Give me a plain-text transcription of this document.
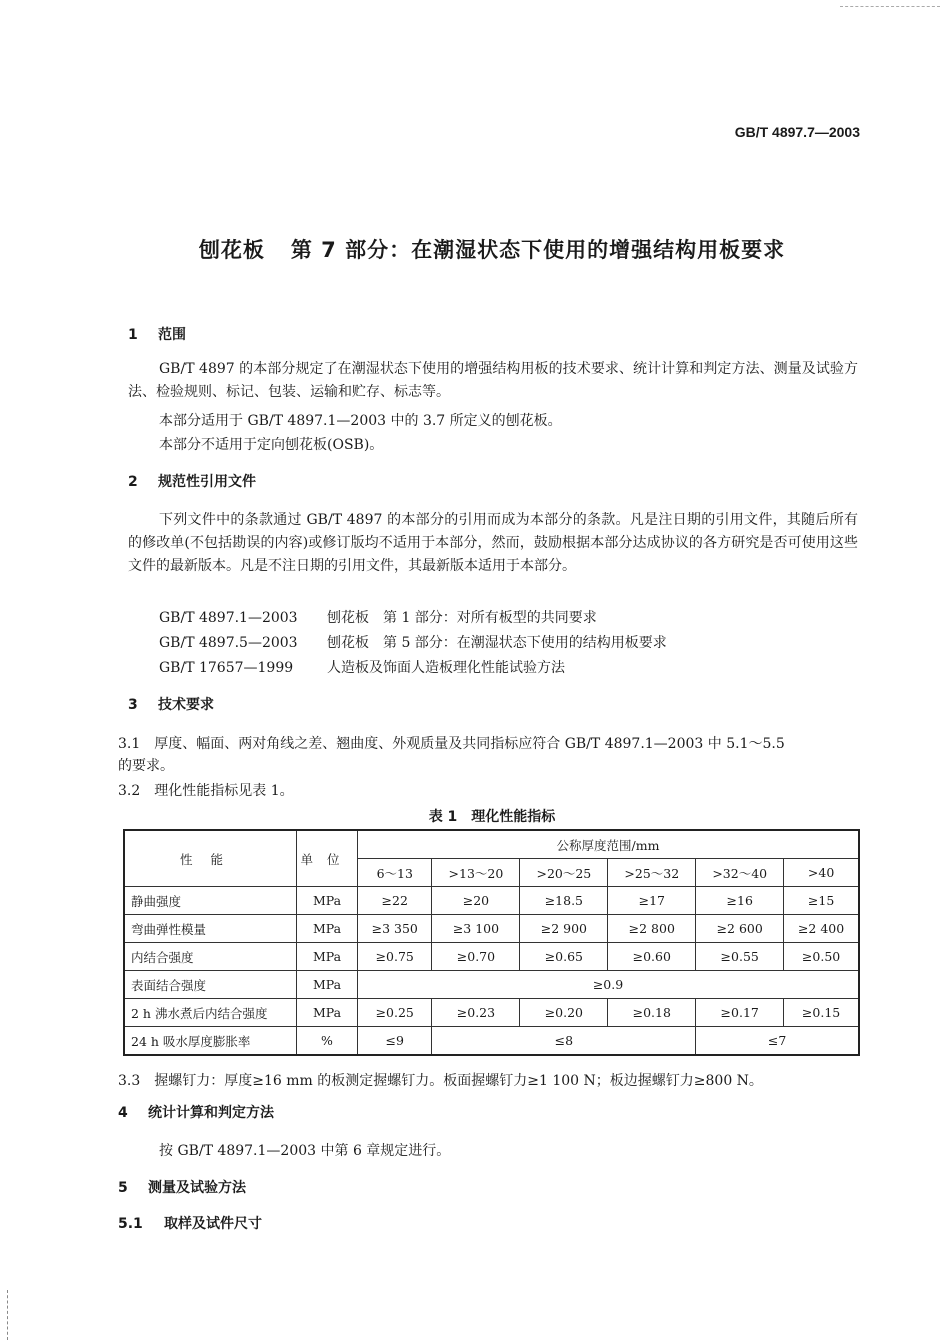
GB/T 4897.7—2003
刨花板 第 7 部分：在潮湿状态下使用的增强结构用板要求
1 范围
GB/T 4897 的本部分规定了在潮湿状态下使用的增强结构用板的技术要求、统计计算和判定方法、测量及试验方法、检验规则、标记、包装、运输和贮存、标志等。
本部分适用于 GB/T 4897.1—2003 中的 3.7 所定义的刨花板。
本部分不适用于定向刨花板(OSB)。
2 规范性引用文件
下列文件中的条款通过 GB/T 4897 的本部分的引用而成为本部分的条款。凡是注日期的引用文件，其随后所有的修改单(不包括勘误的内容)或修订版均不适用于本部分，然而，鼓励根据本部分达成协议的各方研究是否可使用这些文件的最新版本。凡是不注日期的引用文件，其最新版本适用于本部分。
GB/T 4897.1—2003 刨花板　第 1 部分：对所有板型的共同要求
GB/T 4897.5—2003 刨花板　第 5 部分：在潮湿状态下使用的结构用板要求
GB/T 17657—1999 人造板及饰面人造板理化性能试验方法
3 技术要求
3.1　 厚度、幅面、两对角线之差、翘曲度、外观质量及共同指标应符合 GB/T 4897.1—2003 中 5.1～5.5
的要求。
3.2　 理化性能指标见表 1。
表 1　理化性能指标
性能	单位	公称厚度范围/mm					
		6～13	>13～20	>20～25	>25～32	>32～40	>40
静曲强度	MPa	≥22	≥20	≥18.5	≥17	≥16	≥15
弯曲弹性模量	MPa	≥3 350	≥3 100	≥2 900	≥2 800	≥2 600	≥2 400
内结合强度	MPa	≥0.75	≥0.70	≥0.65	≥0.60	≥0.55	≥0.50
表面结合强度	MPa	≥0.9					
2 h 沸水煮后内结合强度	MPa	≥0.25	≥0.23	≥0.20	≥0.18	≥0.17	≥0.15
24 h 吸水厚度膨胀率	%	≤9	≤8			≤7	
3.3　 握螺钉力：厚度≥16 mm 的板测定握螺钉力。板面握螺钉力≥1 100 N；板边握螺钉力≥800 N。
4 统计计算和判定方法
按 GB/T 4897.1—2003 中第 6 章规定进行。
5 测量及试验方法
5.1 取样及试件尺寸
